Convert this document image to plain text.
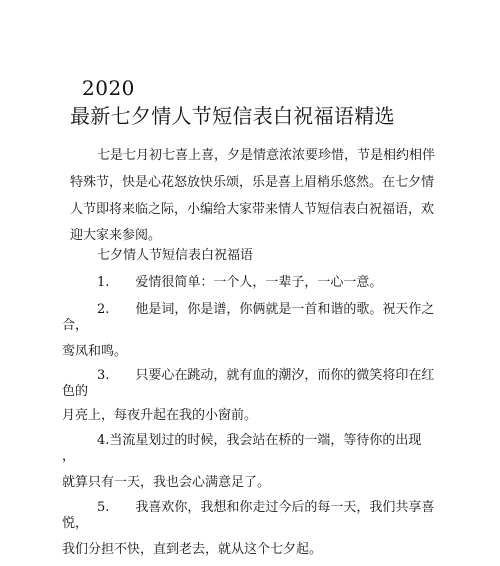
2020
最新七夕情人节短信表白祝福语精选
七是七月初七喜上喜，夕是情意浓浓要珍惜，节是相约相伴
特殊节，快是心花怒放快乐颂，乐是喜上眉梢乐悠然。在七夕情
人节即将来临之际，小编给大家带来情人节短信表白祝福语，欢
迎大家来参阅。
七夕情人节短信表白祝福语
1.　　爱情很简单：一个人，一辈子，一心一意。
2.　　他是词，你是谱，你俩就是一首和谐的歌。祝天作之
合，
鸾凤和鸣。
3.　　只要心在跳动，就有血的潮汐，而你的微笑将印在红
色的
月亮上，每夜升起在我的小窗前。
4.当流星划过的时候，我会站在桥的一端，等待你的出现
，
就算只有一天，我也会心满意足了。
5.　　我喜欢你，我想和你走过今后的每一天，我们共享喜
悦，
我们分担不快，直到老去，就从这个七夕起。
